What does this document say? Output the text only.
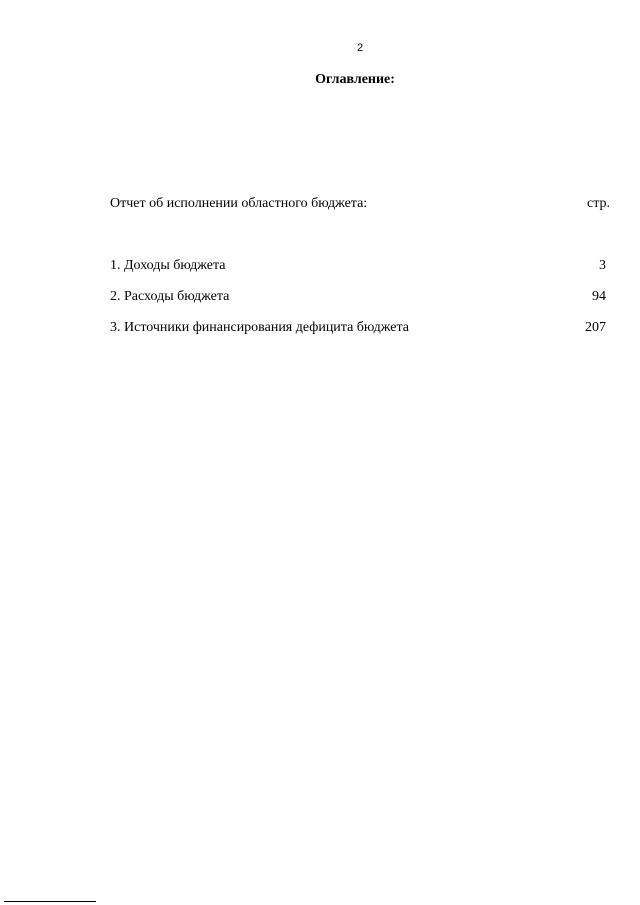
2
Оглавление:
Отчет об исполнении областного бюджета:	стр.
1. Доходы бюджета	3
2. Расходы бюджета	94
3. Источники финансирования дефицита бюджета	207
